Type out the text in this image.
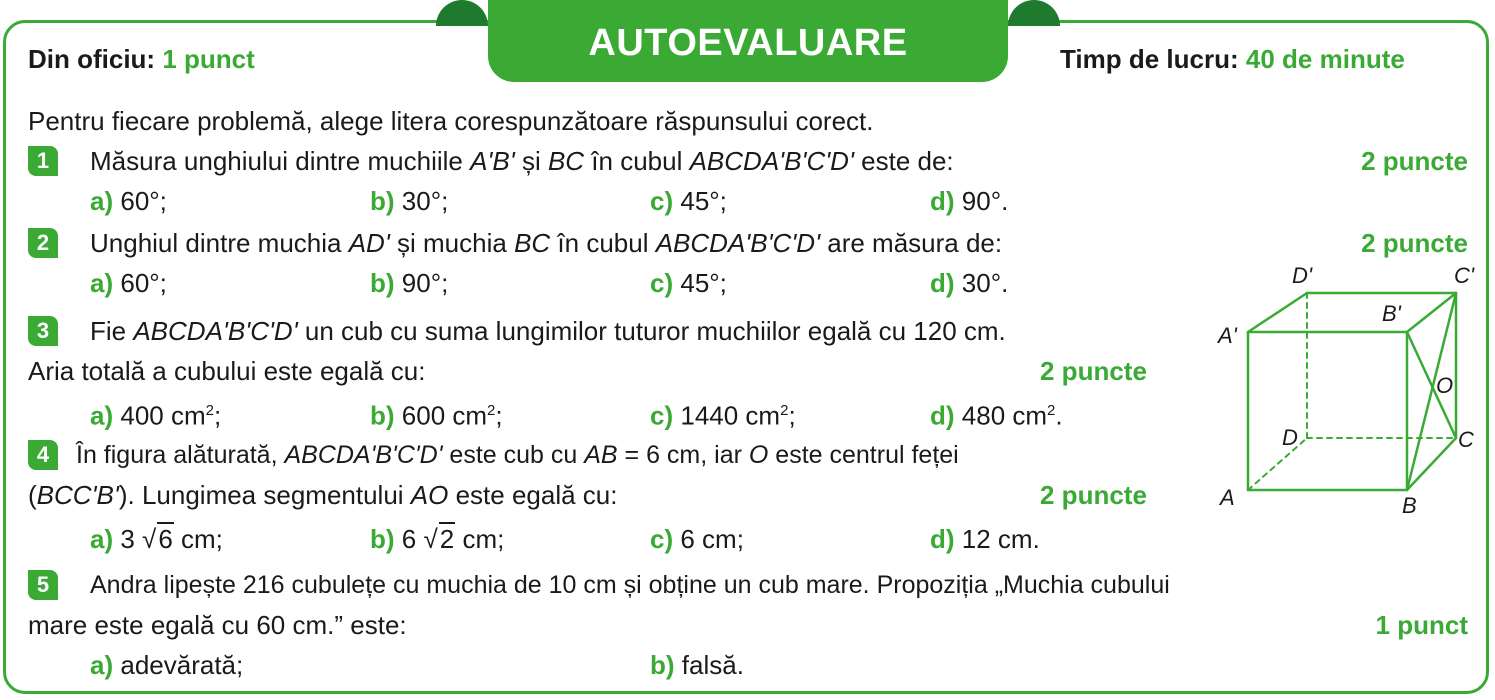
AUTOEVALUARE
Din oficiu: 1 punct	Timp de lucru: 40 de minute
Pentru fiecare problemă, alege litera corespunzătoare răspunsului corect.
1	Măsura unghiului dintre muchiile A'B' și BC în cubul ABCDA'B'C'D' este de:	2 puncte
a) 60°;	b) 30°;	c) 45°;	d) 90°.
2	Unghiul dintre muchia AD' și muchia BC în cubul ABCDA'B'C'D' are măsura de:	2 puncte
a) 60°;	b) 90°;	c) 45°;	d) 30°.
3	Fie ABCDA'B'C'D' un cub cu suma lungimilor tuturor muchiilor egală cu 120 cm.
Aria totală a cubului este egală cu:	2 puncte
a) 400 $cm^2$;	b) 600 $cm^2$;	c) 1440 $cm^2$;	d) 480 $cm^2$.
4	În figura alăturată, ABCDA'B'C'D' este cub cu AB = 6 cm, iar O este centrul feței
(BCC'B'). Lungimea segmentului AO este egală cu:	2 puncte
a) 3 √6 cm;	b) 6 √2 cm;	c) 6 cm;	d) 12 cm.
5	Andra lipește 216 cubulețe cu muchia de 10 cm și obține un cub mare. Propoziția „Muchia cubului
mare este egală cu 60 cm.” este:	1 punct
a) adevărată;	b) falsă.
A	B
C
D
A'
B'
C'
D'
O
